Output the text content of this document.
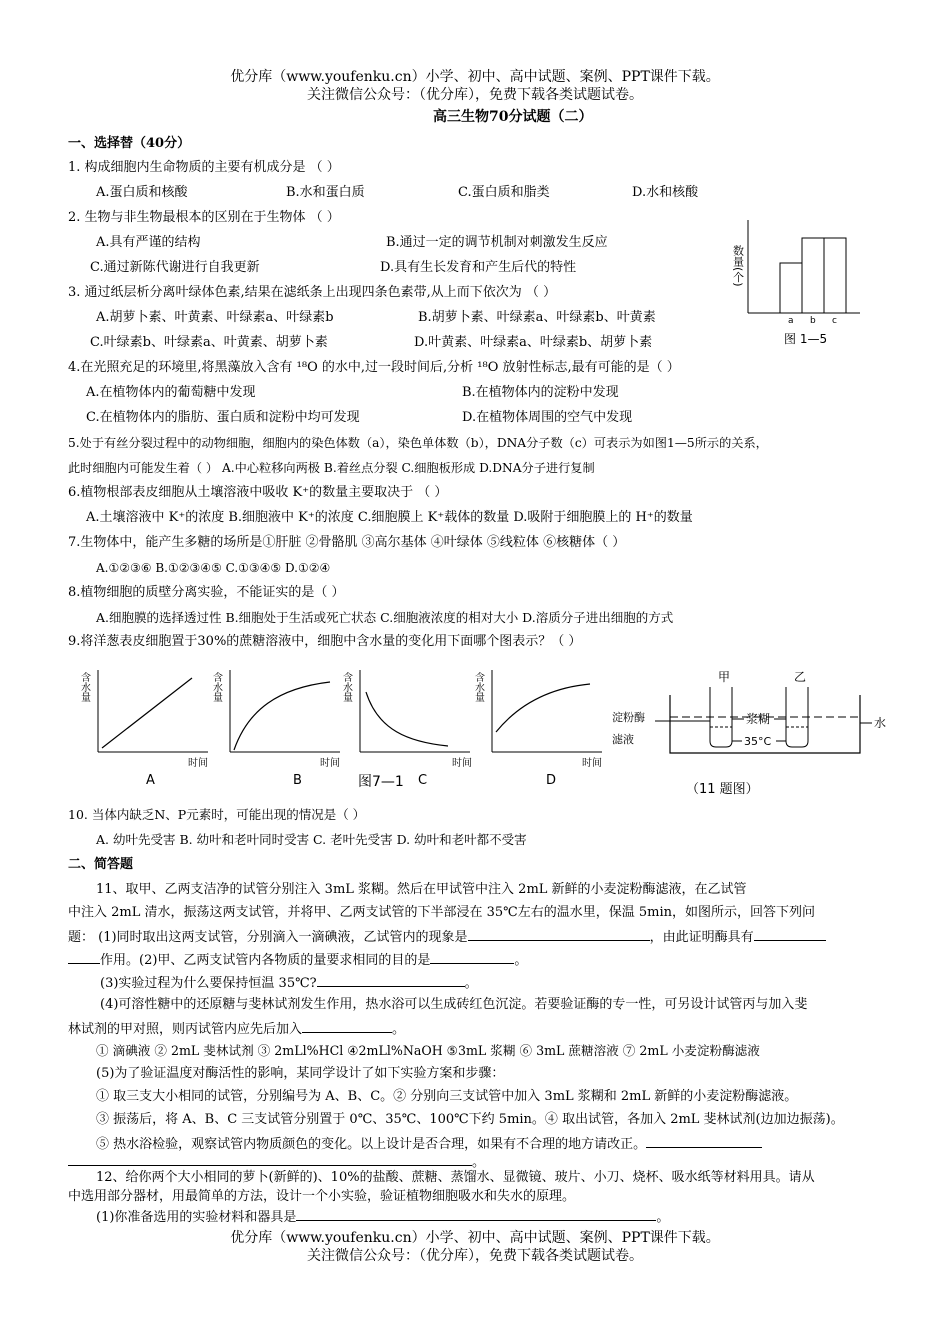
优分库（www.youfenku.cn）小学、初中、高中试题、案例、PPT课件下载。
关注微信公众号：（优分库），免费下载各类试题试卷。
高三生物70分试题（二）
一、选择替（40分）
1. 构成细胞内生命物质的主要有机成分是 （ ）
A.蛋白质和核酸	B.水和蛋白质	C.蛋白质和脂类	D.水和核酸
2. 生物与非生物最根本的区别在于生物体 （ ）
A.具有严谨的结构	B.通过一定的调节机制对刺激发生反应
C.通过新陈代谢进行自我更新	D.具有生长发育和产生后代的特性	数量(个)
a b c
图 1—5
3. 通过纸层析分离叶绿体色素,结果在滤纸条上出现四条色素带,从上而下依次为 （ ）
A.胡萝卜素、叶黄素、叶绿素a、叶绿素b	B.胡萝卜素、叶绿素a、叶绿素b、叶黄素
C.叶绿素b、叶绿素a、叶黄素、胡萝卜素	D.叶黄素、叶绿素a、叶绿素b、胡萝卜素
4.在光照充足的环境里,将黑藻放入含有 ¹⁸O 的水中,过一段时间后,分析 ¹⁸O 放射性标志,最有可能的是（ ）
A.在植物体内的葡萄糖中发现	B.在植物体内的淀粉中发现
C.在植物体内的脂肪、蛋白质和淀粉中均可发现	D.在植物体周围的空气中发现
5.处于有丝分裂过程中的动物细胞，细胞内的染色体数（a），染色单体数（b），DNA分子数（c）可表示为如图1—5所示的关系，
此时细胞内可能发生着（ ） A.中心粒移向两极 B.着丝点分裂 C.细胞板形成 D.DNA分子进行复制
6.植物根部表皮细胞从土壤溶液中吸收 K⁺的数量主要取决于 （ ）
A.土壤溶液中 K⁺的浓度 B.细胞液中 K⁺的浓度 C.细胞膜上 K⁺载体的数量 D.吸附于细胞膜上的 H⁺的数量
7.生物体中，能产生多糖的场所是①肝脏 ②骨骼肌 ③高尔基体 ④叶绿体 ⑤线粒体 ⑥核糖体（ ）
A.①②③⑥ B.①②③④⑤ C.①③④⑤ D.①②④
8.植物细胞的质壁分离实验，不能证实的是（ ）
A.细胞膜的选择透过性 B.细胞处于生活或死亡状态 C.细胞液浓度的相对大小 D.溶质分子进出细胞的方式
9.将洋葱表皮细胞置于30%的蔗糖溶液中，细胞中含水量的变化用下面哪个图表示？（ ）
含水量
时间
A
含水量
时间
B	图7—1
含水量
时间
C
含水量
时间
D
甲	乙
淀粉酶
滤液
浆糊
35°C
水
（11 题图）
10. 当体内缺乏N、P元素时，可能出现的情况是（ ）
A. 幼叶先受害 B. 幼叶和老叶同时受害 C. 老叶先受害 D. 幼叶和老叶都不受害
二、简答题
11、取甲、乙两支洁净的试管分别注入 3mL 浆糊。然后在甲试管中注入 2mL 新鲜的小麦淀粉酶滤液，在乙试管
中注入 2mL 清水，振荡这两支试管，并将甲、乙两支试管的下半部浸在 35℃左右的温水里，保温 5min，如图所示，回答下列问
题： (1)同时取出这两支试管，分别滴入一滴碘液，乙试管内的现象是	，由此证明酶具有
作用。(2)甲、乙两支试管内各物质的量要求相同的目的是	。
(3)实验过程为什么要保持恒温 35℃?	。
(4)可溶性糖中的还原糖与斐林试剂发生作用，热水浴可以生成砖红色沉淀。若要验证酶的专一性，可另设计试管丙与加入斐
林试剂的甲对照，则丙试管内应先后加入	。
① 滴碘液 ② 2mL 斐林试剂 ③ 2mLl%HCl ④2mLl%NaOH ⑤3mL 浆糊 ⑥ 3mL 蔗糖溶液 ⑦ 2mL 小麦淀粉酶滤液
(5)为了验证温度对酶活性的影响，某同学设计了如下实验方案和步骤：
① 取三支大小相同的试管，分别编号为 A、B、C。② 分别向三支试管中加入 3mL 浆糊和 2mL 新鲜的小麦淀粉酶滤液。
③ 振荡后，将 A、B、C 三支试管分别置于 0℃、35℃、100℃下约 5min。④ 取出试管，各加入 2mL 斐林试剂(边加边振荡)。
⑤ 热水浴检验，观察试管内物质颜色的变化。以上设计是否合理，如果有不合理的地方请改正。
。
12、给你两个大小相同的萝卜(新鲜的)、10%的盐酸、蔗糖、蒸馏水、显微镜、玻片、小刀、烧杯、吸水纸等材料用具。请从
中选用部分器材，用最简单的方法，设计一个小实验，验证植物细胞吸水和失水的原理。
(1)你准备选用的实验材料和器具是	。
优分库（www.youfenku.cn）小学、初中、高中试题、案例、PPT课件下载。
关注微信公众号：（优分库），免费下载各类试题试卷。
